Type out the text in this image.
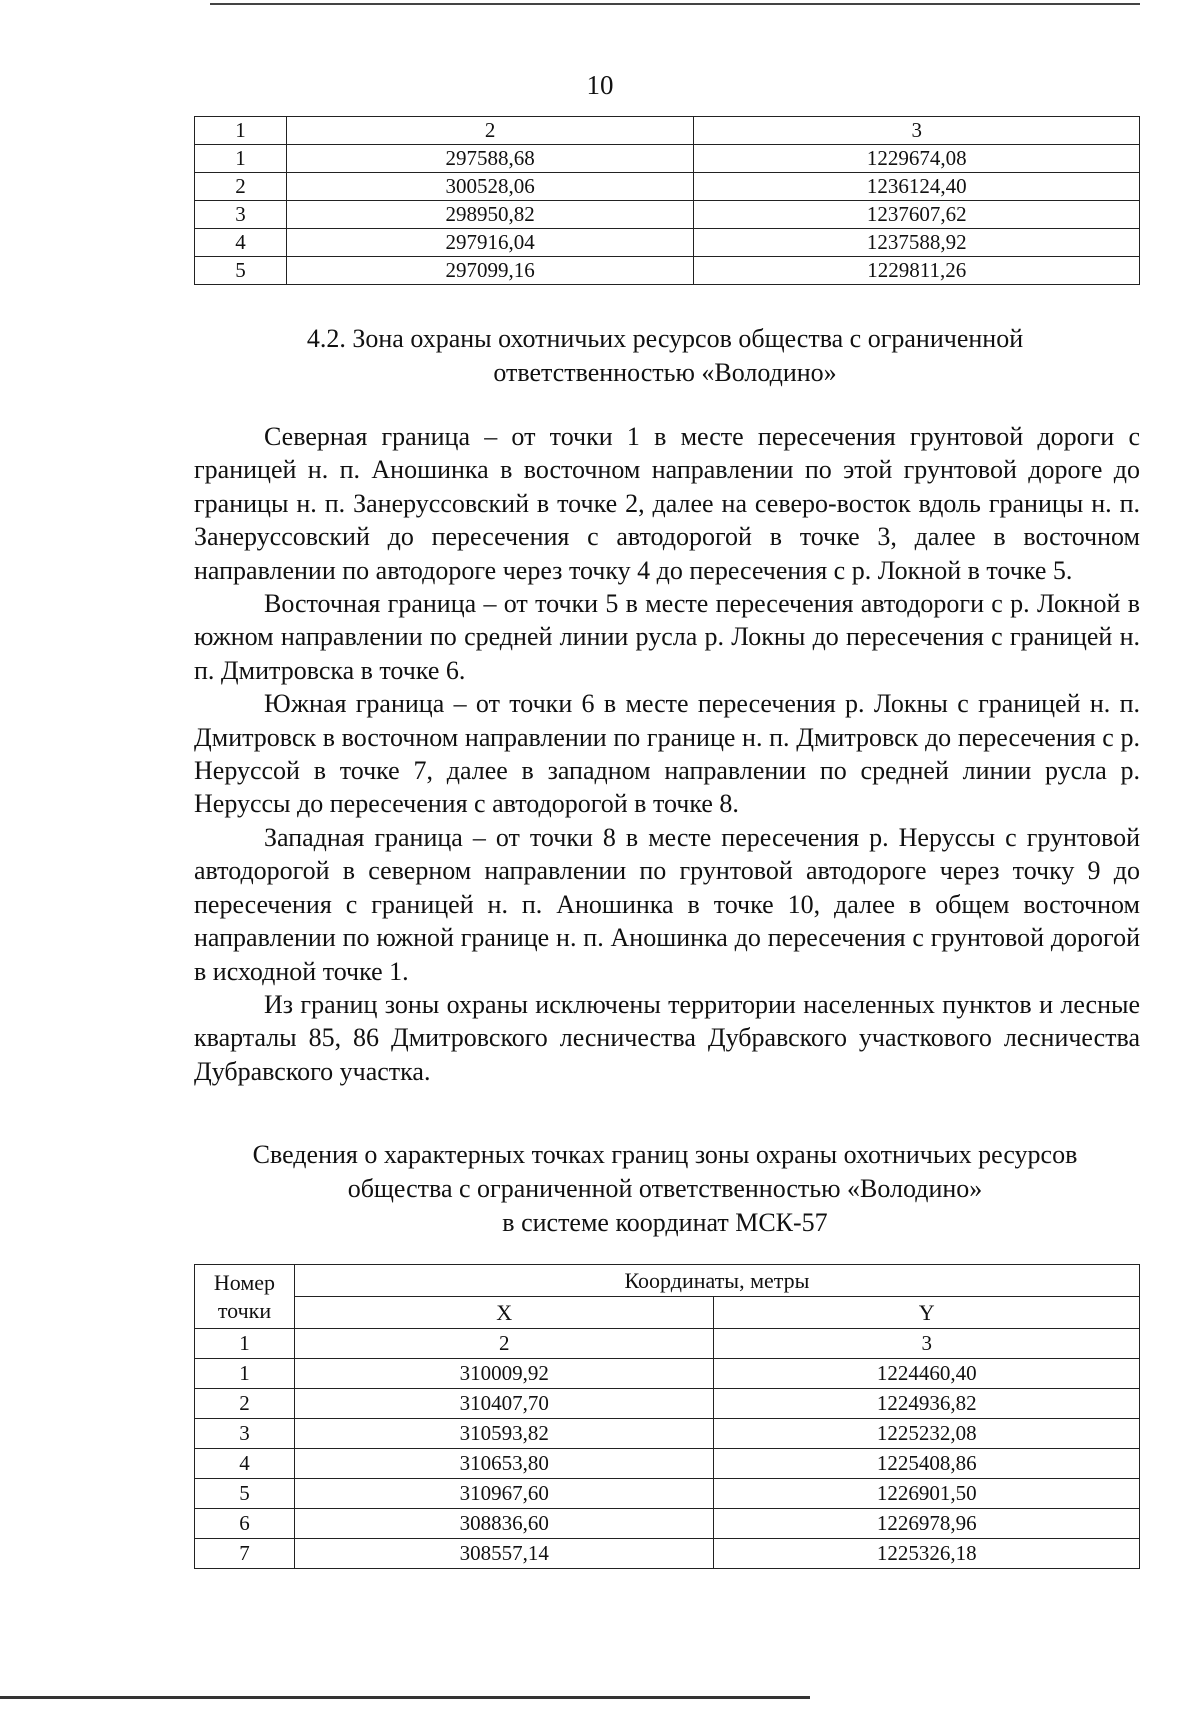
10
1	2	3
1	297588,68	1229674,08
2	300528,06	1236124,40
3	298950,82	1237607,62
4	297916,04	1237588,92
5	297099,16	1229811,26
4.2. Зона охраны охотничьих ресурсов общества с ограниченной
ответственностью «Володино»

Северная граница – от точки 1 в месте пересечения грунтовой дороги с границей н. п. Аношинка в восточном направлении по этой грунтовой дороге до границы н. п. Занеруссовский в точке 2, далее на северо-восток вдоль границы н. п. Занеруссовский до пересечения с автодорогой в точке 3, далее в восточном направлении по автодороге через точку 4 до пересечения с р. Локной в точке 5.

Восточная граница – от точки 5 в месте пересечения автодороги с р. Локной в южном направлении по средней линии русла р. Локны до пересечения с границей н. п. Дмитровска в точке 6.

Южная граница – от точки 6 в месте пересечения р. Локны с границей н. п. Дмитровск в восточном направлении по границе н. п. Дмитровск до пересечения с р. Неруссой в точке 7, далее в западном направлении по средней линии русла р. Неруссы до пересечения с автодорогой в точке 8.

Западная граница – от точки 8 в месте пересечения р. Неруссы с грунтовой автодорогой в северном направлении по грунтовой автодороге через точку 9 до пересечения с границей н. п. Аношинка в точке 10, далее в общем восточном направлении по южной границе н. п. Аношинка до пересечения с грунтовой дорогой в исходной точке 1.

Из границ зоны охраны исключены территории населенных пунктов и лесные кварталы 85, 86 Дмитровского лесничества Дубравского участкового лесничества Дубравского участка.

Сведения о характерных точках границ зоны охраны охотничьих ресурсов
общества с ограниченной ответственностью «Володино»
в системе координат МСК-57
Номер
точки	Координаты, метры	
	X	Y
1	2	3
1	310009,92	1224460,40
2	310407,70	1224936,82
3	310593,82	1225232,08
4	310653,80	1225408,86
5	310967,60	1226901,50
6	308836,60	1226978,96
7	308557,14	1225326,18
